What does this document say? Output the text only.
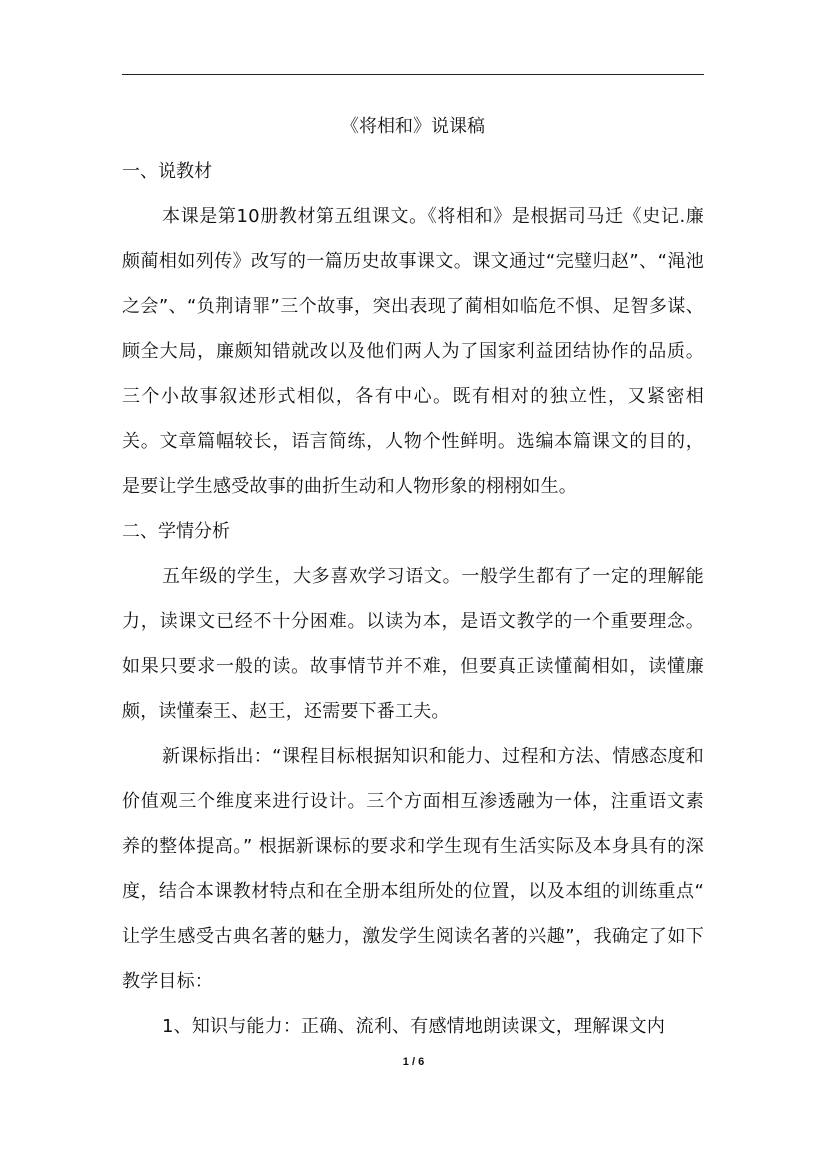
《将相和》说课稿

一、说教材

本课是第10册教材第五组课文。《将相和》是根据司马迁《史记.廉颇蔺相如列传》改写的一篇历史故事课文。课文通过“完璧归赵”、“渑池之会”、“负荆请罪”三个故事，突出表现了蔺相如临危不惧、足智多谋、顾全大局，廉颇知错就改以及他们两人为了国家利益团结协作的品质。三个小故事叙述形式相似，各有中心。既有相对的独立性，又紧密相关。文章篇幅较长，语言简练，人物个性鲜明。选编本篇课文的目的，是要让学生感受故事的曲折生动和人物形象的栩栩如生。

二、学情分析

五年级的学生，大多喜欢学习语文。一般学生都有了一定的理解能力，读课文已经不十分困难。以读为本，是语文教学的一个重要理念。如果只要求一般的读。故事情节并不难，但要真正读懂蔺相如，读懂廉颇，读懂秦王、赵王，还需要下番工夫。

新课标指出：“课程目标根据知识和能力、过程和方法、情感态度和价值观三个维度来进行设计。三个方面相互渗透融为一体，注重语文素养的整体提高。” 根据新课标的要求和学生现有生活实际及本身具有的深度，结合本课教材特点和在全册本组所处的位置，以及本组的训练重点“ 让学生感受古典名著的魅力，激发学生阅读名著的兴趣”，我确定了如下教学目标：

1、知识与能力：正确、流利、有感情地朗读课文，理解课文内

1 / 6
